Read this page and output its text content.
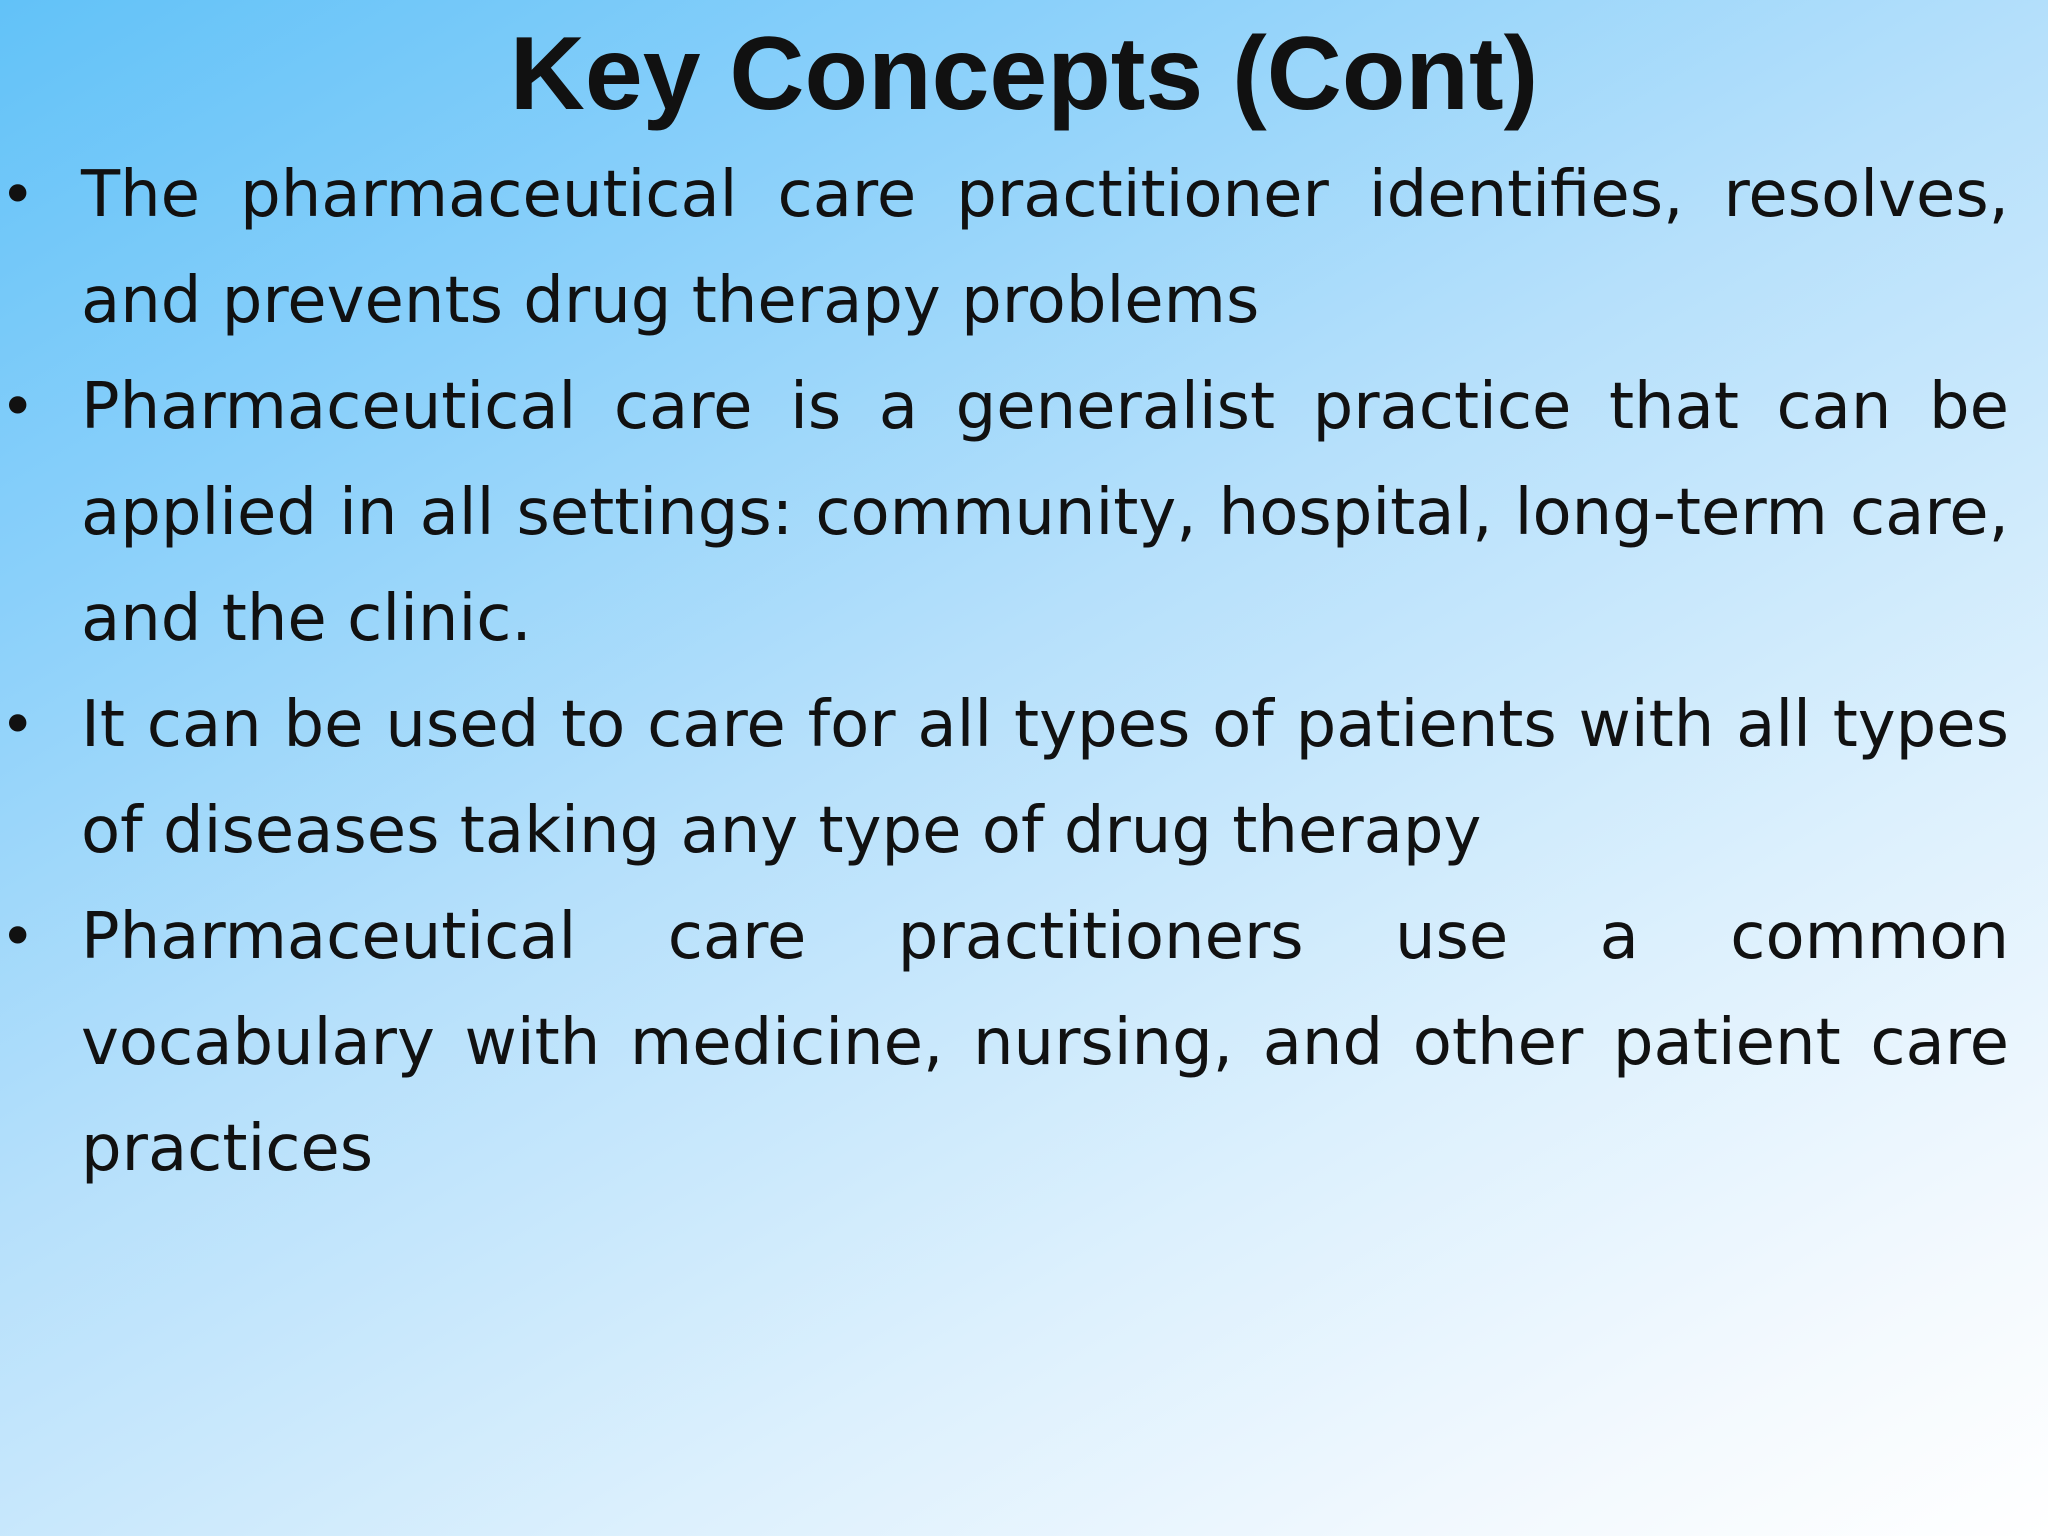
Key Concepts (Cont)
• The pharmaceutical care practitioner identifies, resolves, and prevents drug therapy problems
• Pharmaceutical care is a generalist practice that can be applied in all settings: community, hospital, long-term care, and the clinic.
• It can be used to care for all types of patients with all types of diseases taking any type of drug therapy
• Pharmaceutical care practitioners use a common vocabulary with medicine, nursing, and other patient care practices
